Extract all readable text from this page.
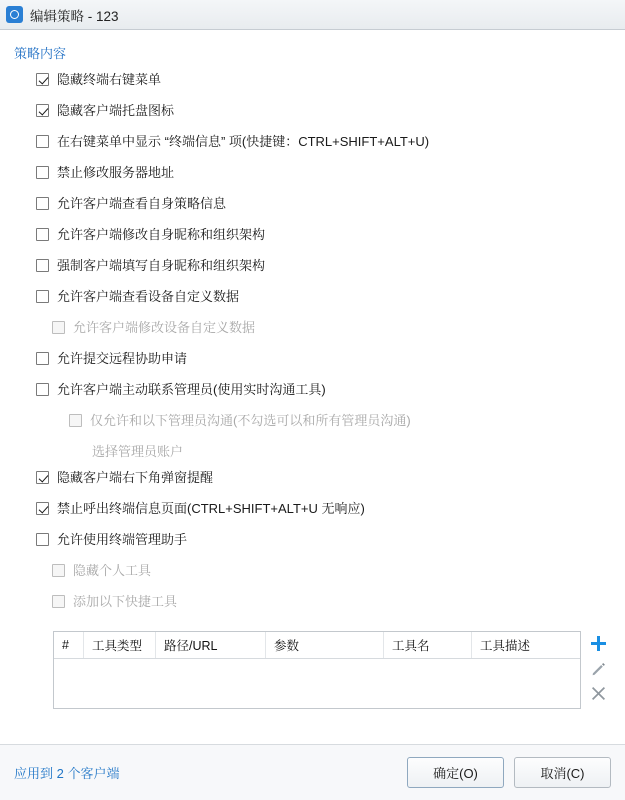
编辑策略 - 123
策略内容
隐藏终端右键菜单
隐藏客户端托盘图标
在右键菜单中显示 “终端信息” 项(快捷键：CTRL+SHIFT+ALT+U)
禁止修改服务器地址
允许客户端查看自身策略信息
允许客户端修改自身昵称和组织架构
强制客户端填写自身昵称和组织架构
允许客户端查看设备自定义数据
允许客户端修改设备自定义数据
允许提交远程协助申请
允许客户端主动联系管理员(使用实时沟通工具)
仅允许和以下管理员沟通(不勾选可以和所有管理员沟通)
选择管理员账户
隐藏客户端右下角弹窗提醒
禁止呼出终端信息页面(CTRL+SHIFT+ALT+U 无响应)
允许使用终端管理助手
隐藏个人工具
添加以下快捷工具
#	工具类型	路径/URL	参数	工具名	工具描述
应用到 2 个客户端	确定(O)	取消(C)
